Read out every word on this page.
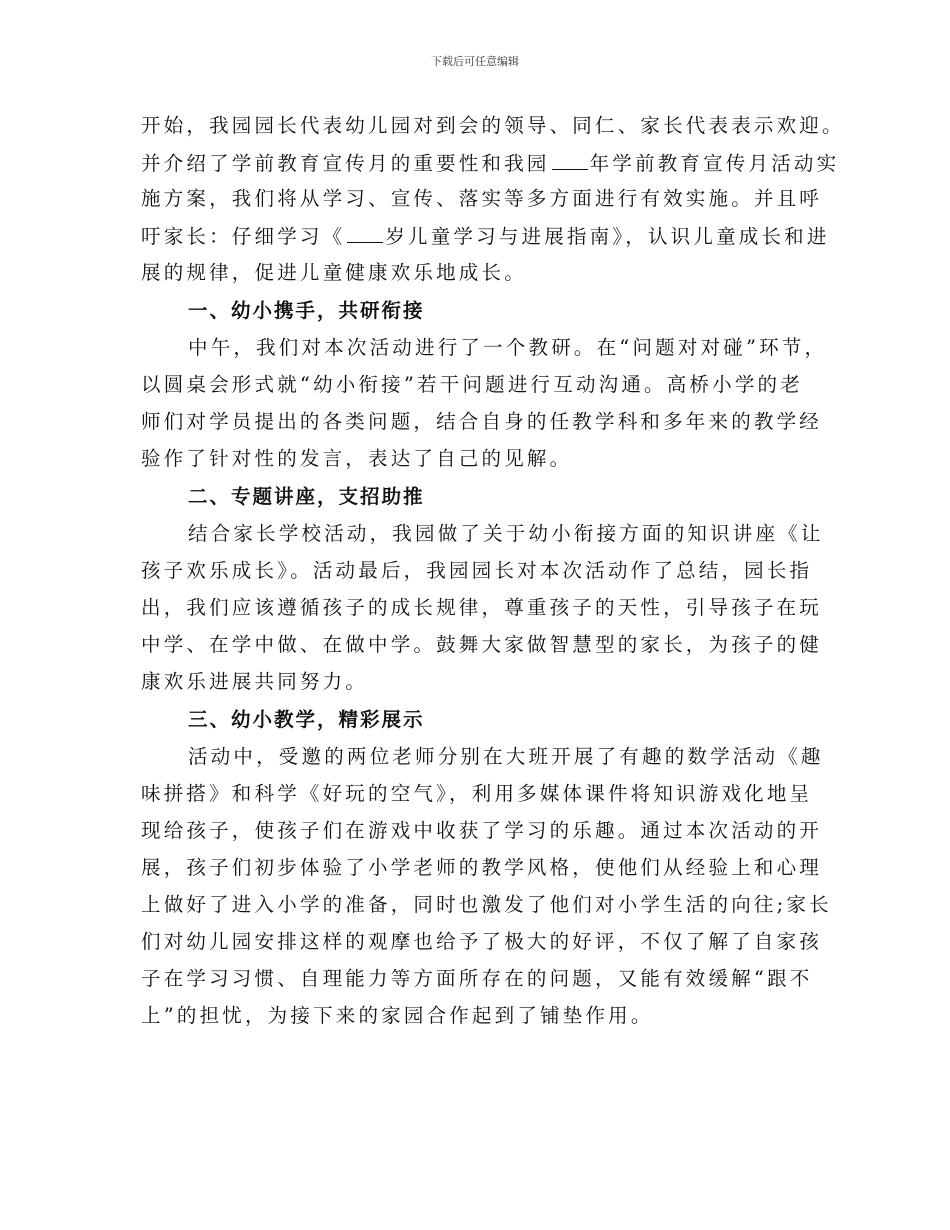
下载后可任意编辑
开始，我园园长代表幼儿园对到会的领导、同仁、家长代表表示欢迎。
并介绍了学前教育宣传月的重要性和我园 年学前教育宣传月活动实
施方案，我们将从学习、宣传、落实等多方面进行有效实施。并且呼
吁家长：仔细学习《 岁儿童学习与进展指南》，认识儿童成长和进
展的规律，促进儿童健康欢乐地成长。
一、幼小携手，共研衔接
中午，我们对本次活动进行了一个教研。在“问题对对碰”环节，
以圆桌会形式就“幼小衔接”若干问题进行互动沟通。高桥小学的老
师们对学员提出的各类问题，结合自身的任教学科和多年来的教学经
验作了针对性的发言，表达了自己的见解。
二、专题讲座，支招助推
结合家长学校活动，我园做了关于幼小衔接方面的知识讲座《让
孩子欢乐成长》。活动最后，我园园长对本次活动作了总结，园长指
出，我们应该遵循孩子的成长规律，尊重孩子的天性，引导孩子在玩
中学、在学中做、在做中学。鼓舞大家做智慧型的家长，为孩子的健
康欢乐进展共同努力。
三、幼小教学，精彩展示
活动中，受邀的两位老师分别在大班开展了有趣的数学活动《趣
味拼搭》和科学《好玩的空气》，利用多媒体课件将知识游戏化地呈
现给孩子，使孩子们在游戏中收获了学习的乐趣。通过本次活动的开
展，孩子们初步体验了小学老师的教学风格，使他们从经验上和心理
上做好了进入小学的准备，同时也激发了他们对小学生活的向往;家长
们对幼儿园安排这样的观摩也给予了极大的好评，不仅了解了自家孩
子在学习习惯、自理能力等方面所存在的问题，又能有效缓解“跟不
上”的担忧，为接下来的家园合作起到了铺垫作用。
